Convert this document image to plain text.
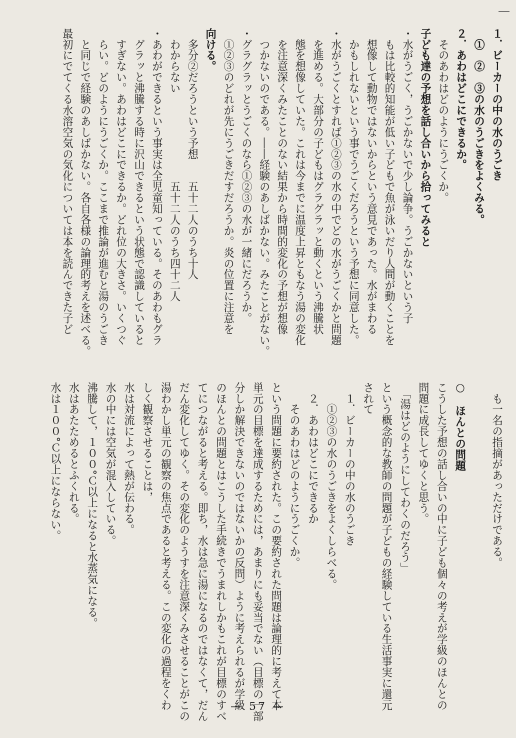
—
１．ビーカーの中の水のうごき
　①　②　③の水のうごきをよくみる。
２．あわはどこにできるか。
　そのあわはどのようにうごくか。
子ども達の予想を話し合いから拾ってみると
・水がうごく，うごかないで少し論争。うごかないという子
　もは比較的知能が低い子どもで魚が泳いだり人間が動くことを
　想像して動物ではないからという意見であった。水がまわる
　かもしれないという事でうごくだろうという予想に同意した。
・水がうごくとすれば①②③の水の中でどの水がうごくかと問題
　を進める。大部分の子どもはグラグラッと動くという沸騰状
　態を想像していた。これは今までに温度上昇ともなう湯の変化
　を注意深くみたことのない結果から時間的変化の予想が想像
　つかないのである。――経験のあしばかない。みたことがない。
・グラグラッとうごくのなら①②③の水が一緒にだろうか。
　①②③のどれが先にうごきだすだろうか。炎の位置に注意を
向ける。
　多分②だろうという予想　　五十二人のうち十人
　わからない　　　　　　　　五十二人のうち四十二人
・あわができるという事実は全児童知っている。そのあわもグラ
　グラッと沸騰する時に沢山できるという状態で認識していると
　すぎない。あわはどこにできるか。どれ位の大きさ。いくつぐ
　らい。どのようにうごくか。ここまで推論が進むと湯のうごき
　と同じで経験のあしばかない。各自各様の論理的考えを述べる。
最初にでてくる水溶空気の気化については本を読んできた子ど
　も一名の指摘があっただけである。
○　ほんとの問題
こうした予想の話し合いの中に子ども個々の考えが学級のほんとの
問題に成長してゆくと思う。
　「湯はどのようにしてわくのだろう」
という概念的な教師の問題が子どもの経験している生活事実に還元
されて
　１．ビーカーの中の水のうごき
　　①②③の水のうごきをよくしらべる。
　２．あわはどこにできるか
　　そのあわはどのようにうごくか。
という問題に要約された。この要約された問題は論理的に考えて本
単元の目標を達成するためには，あまりにも妥当でない（目標の一部
分しか解決できないのではないかの反問）ように考えられるが学級
のほんとの問題とはこうした手続きでうまれしかもこれが目標のすべ
てにつながると考える。即ち，水は急に湯になるのではなくて，だん
だん変化してゆく。その変化のようすを注意深くみさせることがこの
湯わかし単元の観察の焦点であると考える。この変化の過程をくわ
しく観察させることは，
水は対流によって熱が伝わる。
水の中には空気が混入している。
沸騰して，１００°Ｃ以上になると水蒸気になる。
水はあたためるとふくれる。
水は１００°Ｃ以上にならない。
— 57 —
